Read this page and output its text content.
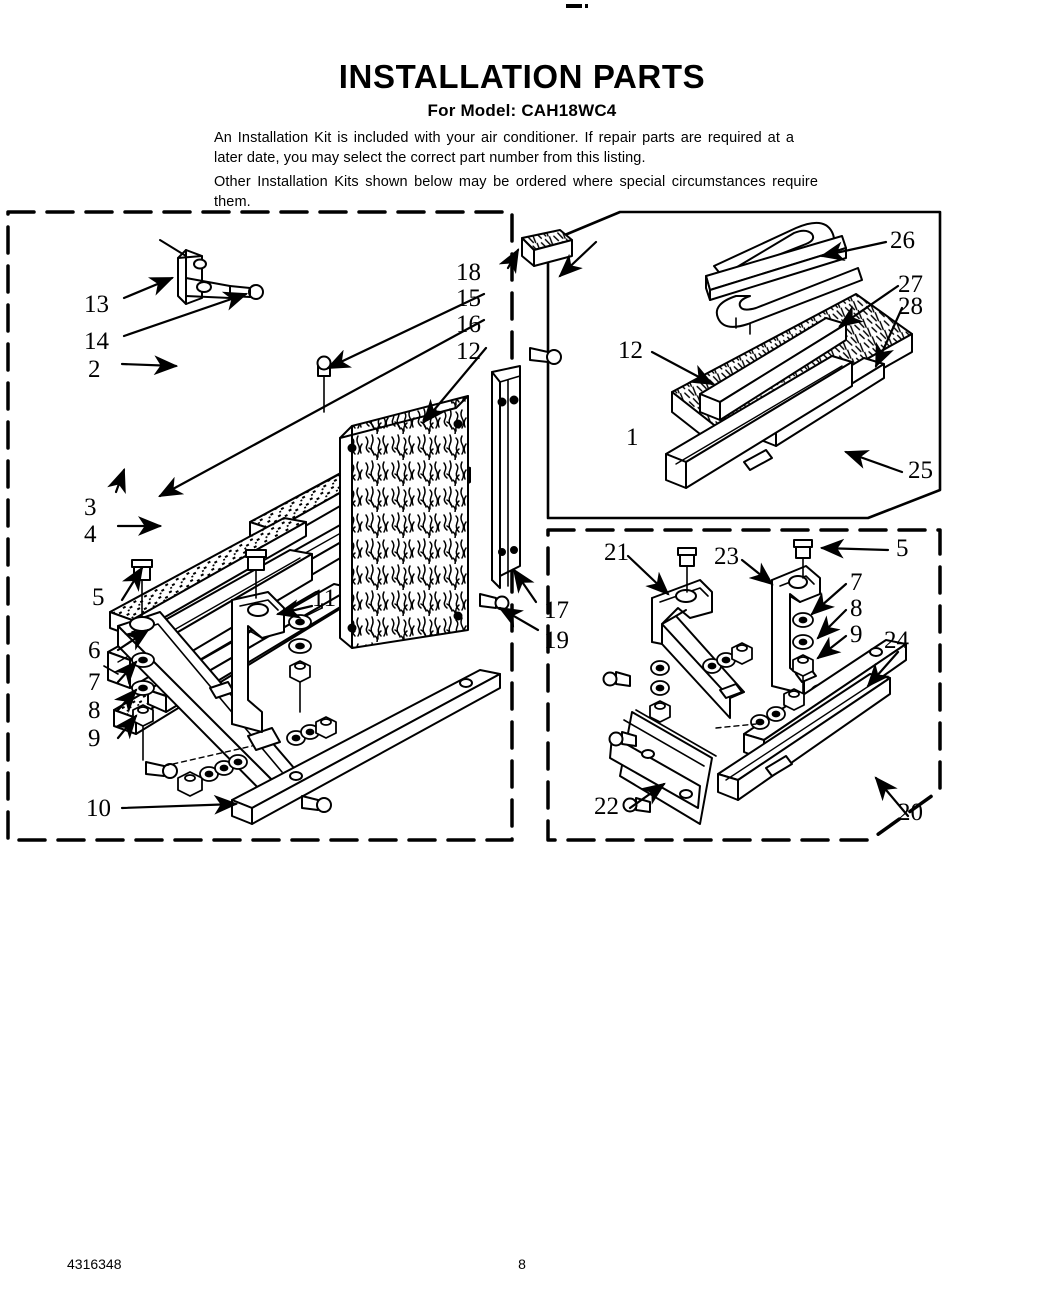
INSTALLATION PARTS
For Model: CAH18WC4
An Installation Kit is included with your air conditioner. If repair parts are required at a later date, you may select the correct part number from this listing.
Other Installation Kits shown below may be ordered where special circumstances require them.
1
13
14
2
3
4
18
15
16
12
17
19
5
6
7
8
9
10
11
26
27
28
12
25
21	23	5
7
8
9 24
22	20
4316348	8
